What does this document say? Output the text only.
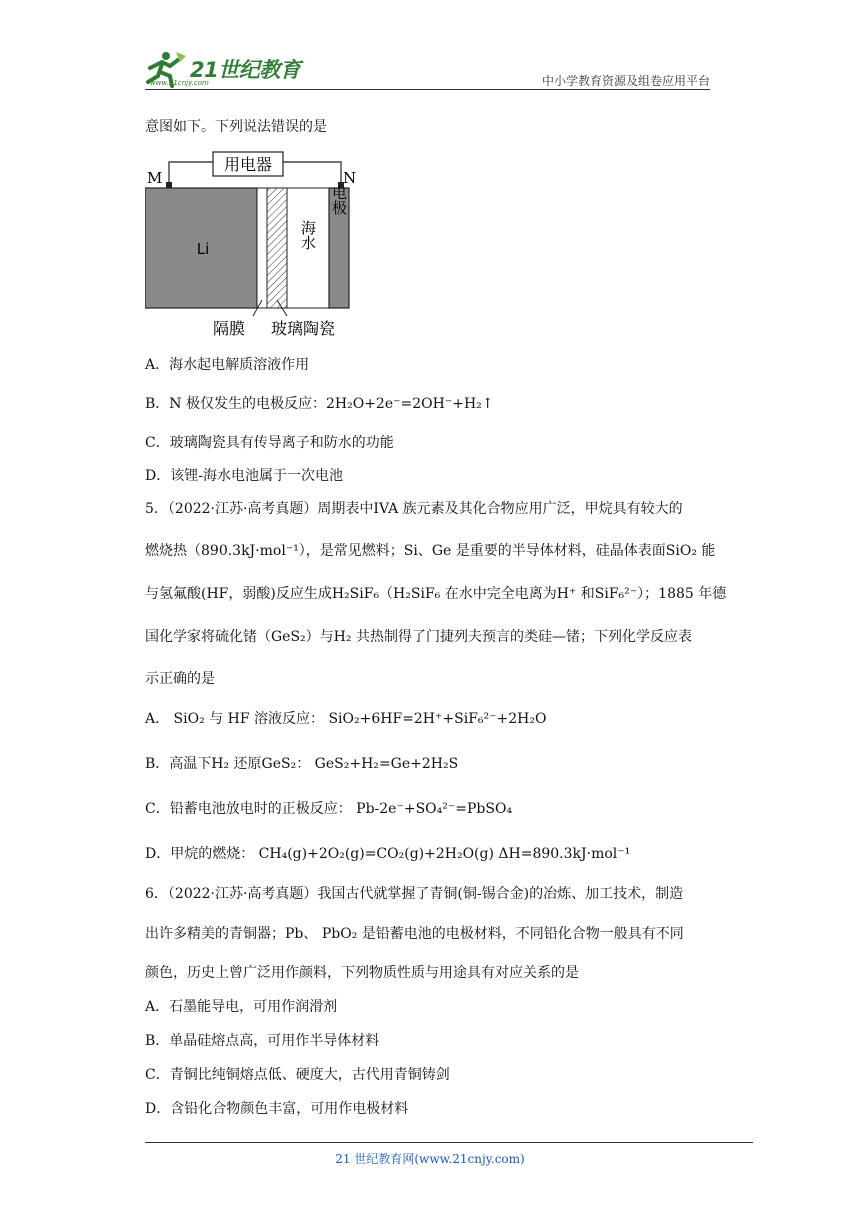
21世纪教育
www.21cnjy.com	中小学教育资源及组卷应用平台
意图如下。下列说法错误的是
用电器
M	N
Li	海水
电极
隔膜 玻璃陶瓷
A．海水起电解质溶液作用
B．N 极仅发生的电极反应：2H₂O+2e⁻=2OH⁻+H₂↑
C．玻璃陶瓷具有传导离子和防水的功能
D．该锂-海水电池属于一次电池
5．（2022·江苏·高考真题）周期表中IVA 族元素及其化合物应用广泛，甲烷具有较大的
燃烧热（890.3kJ·mol⁻¹），是常见燃料；Si、Ge 是重要的半导体材料，硅晶体表面SiO₂ 能
与氢氟酸(HF，弱酸)反应生成H₂SiF₆（H₂SiF₆ 在水中完全电离为H⁺ 和SiF₆²⁻）；1885 年德
国化学家将硫化锗（GeS₂）与H₂ 共热制得了门捷列夫预言的类硅—锗；下列化学反应表
示正确的是
A． SiO₂ 与 HF 溶液反应： SiO₂+6HF=2H⁺+SiF₆²⁻+2H₂O
B．高温下H₂ 还原GeS₂： GeS₂+H₂=Ge+2H₂S
C．铅蓄电池放电时的正极反应： Pb-2e⁻+SO₄²⁻=PbSO₄
D．甲烷的燃烧： CH₄(g)+2O₂(g)=CO₂(g)+2H₂O(g) ΔH=890.3kJ·mol⁻¹
6．（2022·江苏·高考真题）我国古代就掌握了青铜(铜-锡合金)的冶炼、加工技术，制造
出许多精美的青铜器；Pb、 PbO₂ 是铅蓄电池的电极材料，不同铅化合物一般具有不同
颜色，历史上曾广泛用作颜料，下列物质性质与用途具有对应关系的是
A．石墨能导电，可用作润滑剂
B．单晶硅熔点高，可用作半导体材料
C．青铜比纯铜熔点低、硬度大，古代用青铜铸剑
D．含铅化合物颜色丰富，可用作电极材料
21 世纪教育网(www.21cnjy.com)
